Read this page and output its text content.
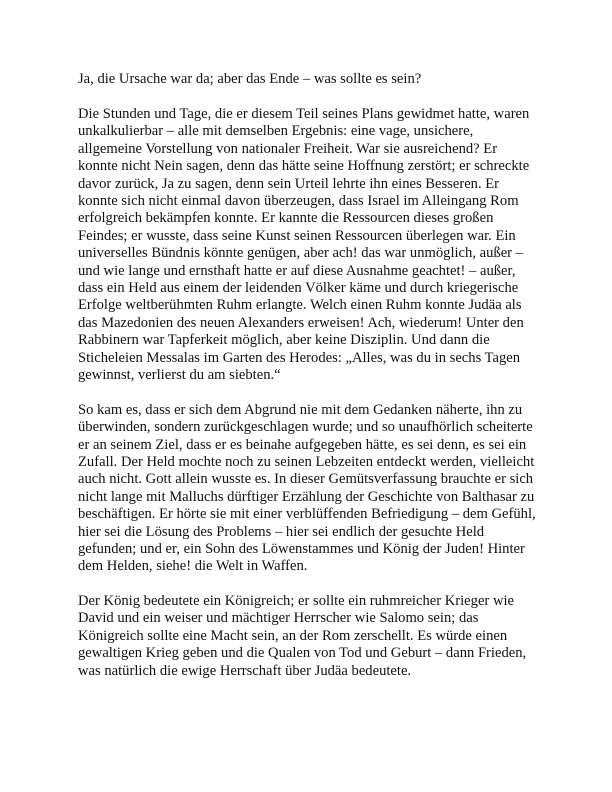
Ja, die Ursache war da; aber das Ende – was sollte es sein?

Die Stunden und Tage, die er diesem Teil seines Plans gewidmet hatte, waren unkalkulierbar – alle mit demselben Ergebnis: eine vage, unsichere, allgemeine Vorstellung von nationaler Freiheit. War sie ausreichend? Er konnte nicht Nein sagen, denn das hätte seine Hoffnung zerstört; er schreckte davor zurück, Ja zu sagen, denn sein Urteil lehrte ihn eines Besseren. Er konnte sich nicht einmal davon überzeugen, dass Israel im Alleingang Rom erfolgreich bekämpfen konnte. Er kannte die Ressourcen dieses großen Feindes; er wusste, dass seine Kunst seinen Ressourcen überlegen war. Ein universelles Bündnis könnte genügen, aber ach! das war unmöglich, außer – und wie lange und ernsthaft hatte er auf diese Ausnahme geachtet! – außer, dass ein Held aus einem der leidenden Völker käme und durch kriegerische Erfolge weltberühmten Ruhm erlangte. Welch einen Ruhm konnte Judäa als das Mazedonien des neuen Alexanders erweisen! Ach, wiederum! Unter den Rabbinern war Tapferkeit möglich, aber keine Disziplin. Und dann die Sticheleien Messalas im Garten des Herodes: „Alles, was du in sechs Tagen gewinnst, verlierst du am siebten.“

So kam es, dass er sich dem Abgrund nie mit dem Gedanken näherte, ihn zu überwinden, sondern zurückgeschlagen wurde; und so unaufhörlich scheiterte er an seinem Ziel, dass er es beinahe aufgegeben hätte, es sei denn, es sei ein Zufall. Der Held mochte noch zu seinen Lebzeiten entdeckt werden, vielleicht auch nicht. Gott allein wusste es. In dieser Gemütsverfassung brauchte er sich nicht lange mit Malluchs dürftiger Erzählung der Geschichte von Balthasar zu beschäftigen. Er hörte sie mit einer verblüffenden Befriedigung – dem Gefühl, hier sei die Lösung des Problems – hier sei endlich der gesuchte Held gefunden; und er, ein Sohn des Löwenstammes und König der Juden! Hinter dem Helden, siehe! die Welt in Waffen.

Der König bedeutete ein Königreich; er sollte ein ruhmreicher Krieger wie David und ein weiser und mächtiger Herrscher wie Salomo sein; das Königreich sollte eine Macht sein, an der Rom zerschellt. Es würde einen gewaltigen Krieg geben und die Qualen von Tod und Geburt – dann Frieden, was natürlich die ewige Herrschaft über Judäa bedeutete.
